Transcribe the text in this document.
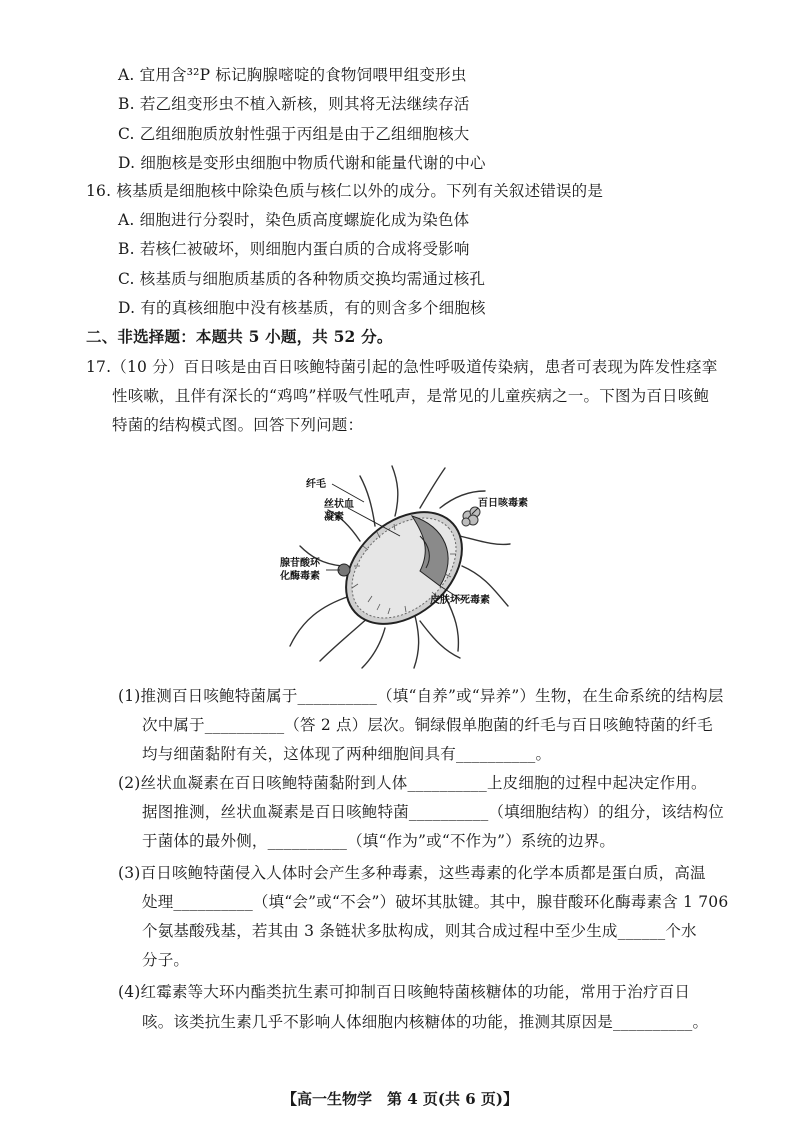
A. 宜用含³²P 标记胸腺嘧啶的食物饲喂甲组变形虫
B. 若乙组变形虫不植入新核，则其将无法继续存活
C. 乙组细胞质放射性强于丙组是由于乙组细胞核大
D. 细胞核是变形虫细胞中物质代谢和能量代谢的中心
16. 核基质是细胞核中除染色质与核仁以外的成分。下列有关叙述错误的是
A. 细胞进行分裂时，染色质高度螺旋化成为染色体
B. 若核仁被破坏，则细胞内蛋白质的合成将受影响
C. 核基质与细胞质基质的各种物质交换均需通过核孔
D. 有的真核细胞中没有核基质，有的则含多个细胞核
二、非选择题：本题共 5 小题，共 52 分。
17.（10 分）百日咳是由百日咳鲍特菌引起的急性呼吸道传染病，患者可表现为阵发性痉挛
性咳嗽，且伴有深长的“鸡鸣”样吸气性吼声，是常见的儿童疾病之一。下图为百日咳鲍
特菌的结构模式图。回答下列问题：
纤毛
丝状血
凝素
百日咳毒素
腺苷酸环
化酶毒素
皮肤坏死毒素
(1)推测百日咳鲍特菌属于__________（填“自养”或“异养”）生物，在生命系统的结构层
次中属于__________（答 2 点）层次。铜绿假单胞菌的纤毛与百日咳鲍特菌的纤毛
均与细菌黏附有关，这体现了两种细胞间具有__________。
(2)丝状血凝素在百日咳鲍特菌黏附到人体__________上皮细胞的过程中起决定作用。
据图推测，丝状血凝素是百日咳鲍特菌__________（填细胞结构）的组分，该结构位
于菌体的最外侧，__________（填“作为”或“不作为”）系统的边界。
(3)百日咳鲍特菌侵入人体时会产生多种毒素，这些毒素的化学本质都是蛋白质，高温
处理__________（填“会”或“不会”）破坏其肽键。其中，腺苷酸环化酶毒素含 1 706
个氨基酸残基，若其由 3 条链状多肽构成，则其合成过程中至少生成______个水
分子。
(4)红霉素等大环内酯类抗生素可抑制百日咳鲍特菌核糖体的功能，常用于治疗百日
咳。该类抗生素几乎不影响人体细胞内核糖体的功能，推测其原因是__________。
【高一生物学　第 4 页(共 6 页)】
